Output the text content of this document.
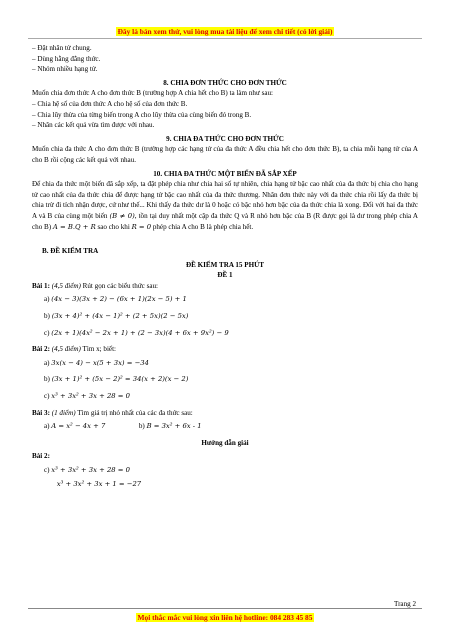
Đây là bản xem thử, vui lòng mua tài liệu để xem chi tiết (có lời giải)

– Đặt nhân tử chung.

– Dùng hằng đẳng thức.

– Nhóm nhiều hạng tử.

8. CHIA ĐƠN THỨC CHO ĐƠN THỨC

Muốn chia đơn thức A cho đơn thức B (trường hợp A chia hết cho B) ta làm như sau:

– Chia hệ số của đơn thức A cho hệ số của đơn thức B.

– Chia lũy thừa của từng biến trong A cho lũy thừa của cùng biến đó trong B.

– Nhân các kết quả vừa tìm được với nhau.

9. CHIA ĐA THỨC CHO ĐƠN THỨC

Muốn chia đa thức A cho đơn thức B (trường hợp các hạng tử của đa thức A đều chia hết cho đơn thức B), ta chia mỗi hạng tử của A cho B rồi cộng các kết quả với nhau.

10. CHIA ĐA THỨC MỘT BIẾN ĐÃ SẮP XẾP

Để chia đa thức một biến đã sắp xếp, ta đặt phép chia như chia hai số tự nhiên, chia hạng tử bậc cao nhất của đa thức bị chia cho hạng tử cao nhất của đa thức chia để được hạng tử bậc cao nhất của đa thức thương. Nhân đơn thức này với đa thức chia rồi lấy đa thức bị chia trừ đi tích nhận được, cứ như thế... Khi thấy đa thức dư là 0 hoặc có bậc nhỏ hơn bậc của đa thức chia là xong. Đối với hai đa thức A và B của cùng một biến (B ≠ 0), tồn tại duy nhất một cặp đa thức Q và R nhỏ hơn bậc của B (R được gọi là dư trong phép chia A cho B) A = B.Q + R sao cho khi R = 0 phép chia A cho B là phép chia hết.

B. ĐỀ KIỂM TRA

ĐỀ KIỂM TRA 15 PHÚT

ĐỀ 1

Bài 1: (4,5 điểm) Rút gọn các biểu thức sau:

a) (4x − 3)(3x + 2) − (6x + 1)(2x − 5) + 1

b) (3x + 4)² + (4x − 1)² + (2 + 5x)(2 − 5x)

c) (2x + 1)(4x² − 2x + 1) + (2 − 3x)(4 + 6x + 9x²) − 9

Bài 2: (4,5 điểm) Tìm x; biết:

a) 3x(x − 4) − x(5 + 3x) = −34

b) (3x + 1)² + (5x − 2)² = 34(x + 2)(x − 2)

c) x³ + 3x² + 3x + 28 = 0

Bài 3: (1 điểm) Tìm giá trị nhỏ nhất của các đa thức sau:

a) A = x² − 4x + 7	b) B = 3x² + 6x - 1

Hướng dẫn giải

Bài 2:

c) x³ + 3x² + 3x + 28 = 0

x³ + 3x² + 3x + 1 = −27

Trang 2
Mọi thắc mắc vui lòng xin liên hệ hotline: 084 283 45 85
